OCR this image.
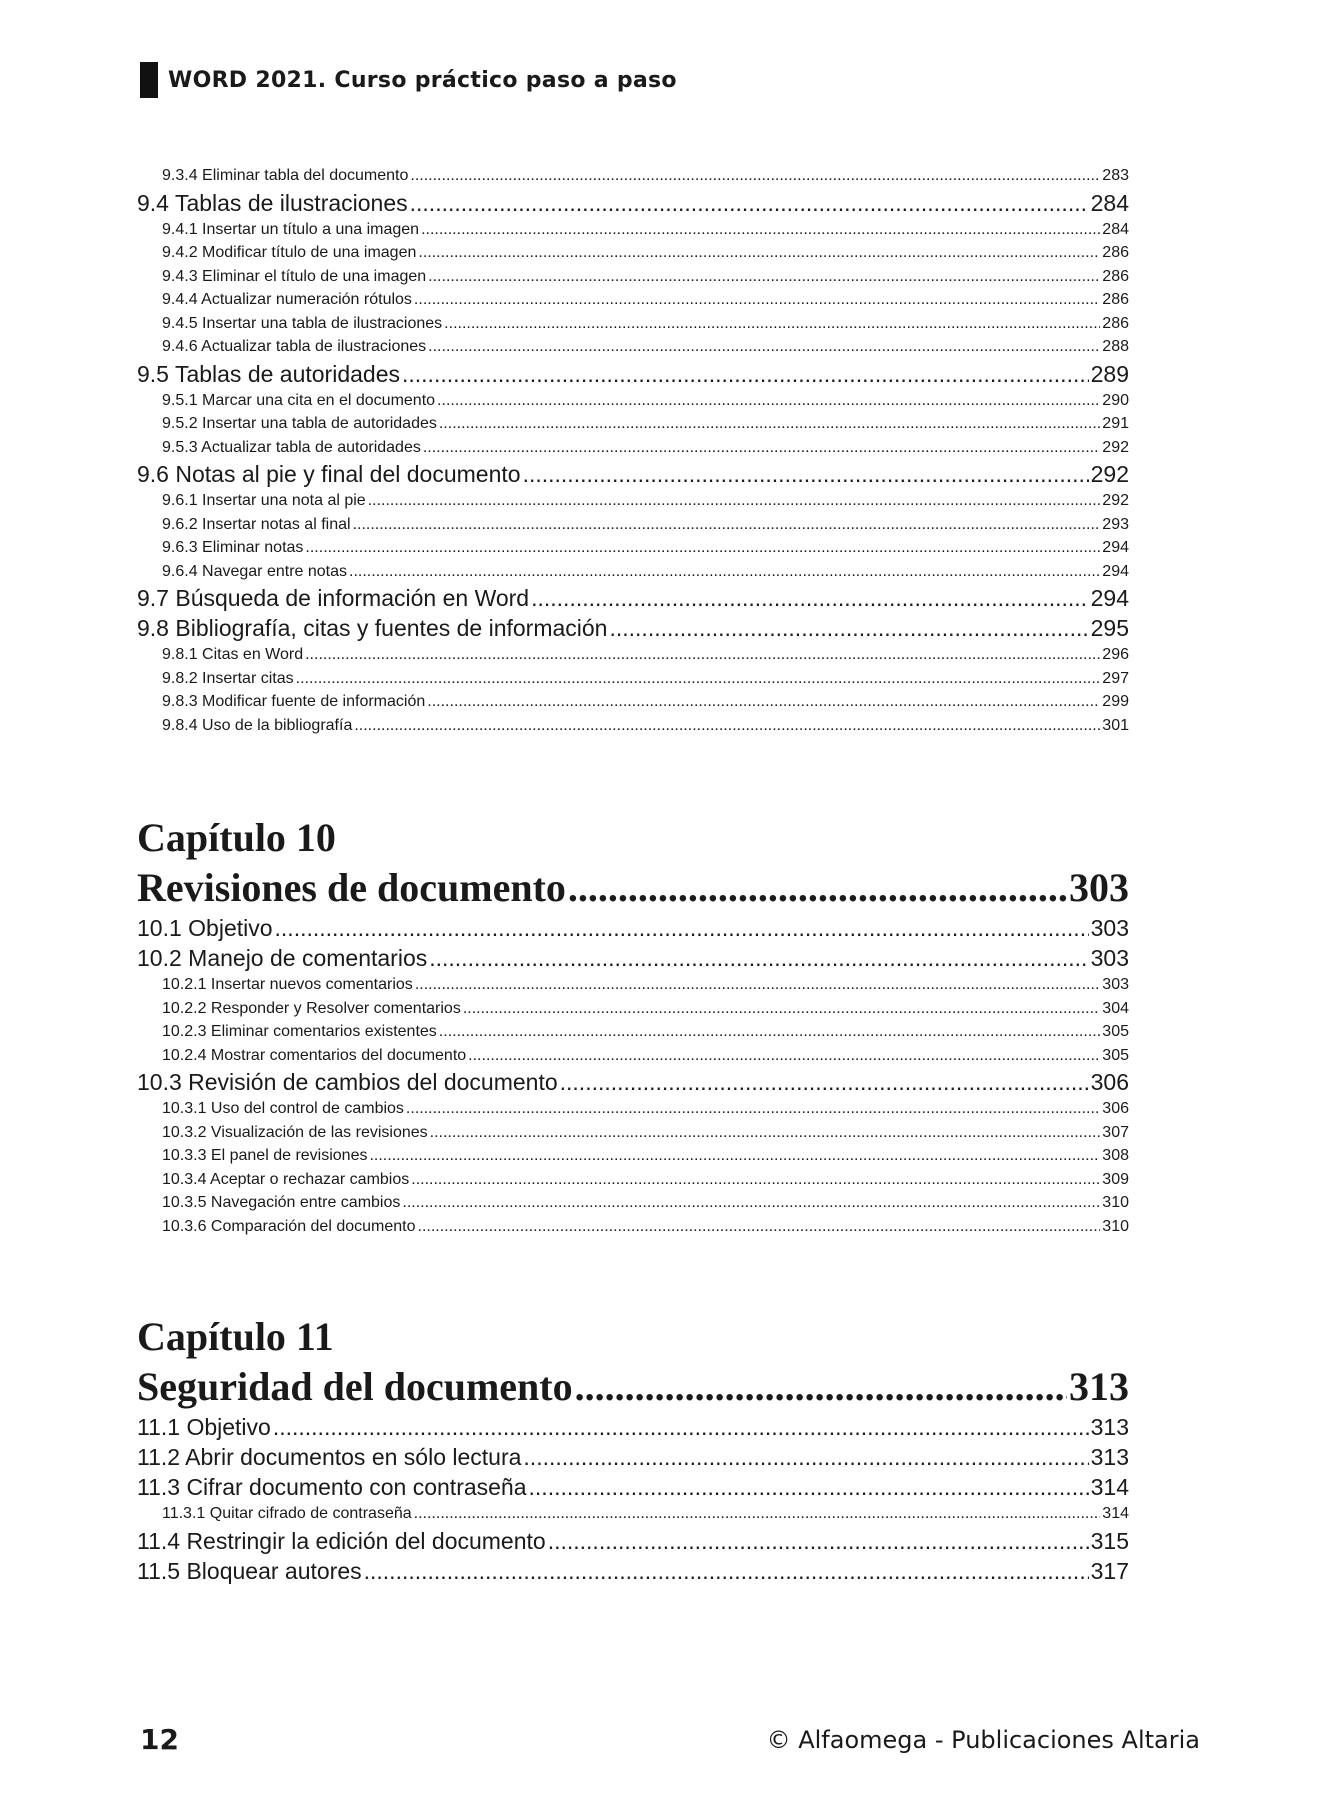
WORD 2021. Curso práctico paso a paso
9.3.4 Eliminar tabla del documento .....	283
9.4 Tablas de ilustraciones .....	284
9.4.1 Insertar un título a una imagen .....	284
9.4.2 Modificar título de una imagen .....	286
9.4.3 Eliminar el título de una imagen .....	286
9.4.4 Actualizar numeración rótulos .....	286
9.4.5 Insertar una tabla de ilustraciones .....	286
9.4.6 Actualizar tabla de ilustraciones .....	288
9.5 Tablas de autoridades .....	289
9.5.1 Marcar una cita en el documento .....	290
9.5.2 Insertar una tabla de autoridades .....	291
9.5.3 Actualizar tabla de autoridades .....	292
9.6 Notas al pie y final del documento .....	292
9.6.1 Insertar una nota al pie .....	292
9.6.2 Insertar notas al final .....	293
9.6.3 Eliminar notas .....	294
9.6.4 Navegar entre notas .....	294
9.7 Búsqueda de información en Word .....	294
9.8 Bibliografía, citas y fuentes de información .....	295
9.8.1 Citas en Word .....	296
9.8.2 Insertar citas .....	297
9.8.3 Modificar fuente de información .....	299
9.8.4 Uso de la bibliografía .....	301
Capítulo 10
Revisiones de documento .....	303
10.1 Objetivo .....	303
10.2 Manejo de comentarios .....	303
10.2.1 Insertar nuevos comentarios .....	303
10.2.2 Responder y Resolver comentarios .....	304
10.2.3 Eliminar comentarios existentes .....	305
10.2.4 Mostrar comentarios del documento .....	305
10.3 Revisión de cambios del documento .....	306
10.3.1 Uso del control de cambios .....	306
10.3.2 Visualización de las revisiones .....	307
10.3.3 El panel de revisiones .....	308
10.3.4 Aceptar o rechazar cambios .....	309
10.3.5 Navegación entre cambios .....	310
10.3.6 Comparación del documento .....	310
Capítulo 11
Seguridad del documento .....	313
11.1 Objetivo .....	313
11.2 Abrir documentos en sólo lectura .....	313
11.3 Cifrar documento con contraseña .....	314
11.3.1 Quitar cifrado de contraseña .....	314
11.4 Restringir la edición del documento .....	315
11.5 Bloquear autores .....	317
12	© Alfaomega - Publicaciones Altaria
